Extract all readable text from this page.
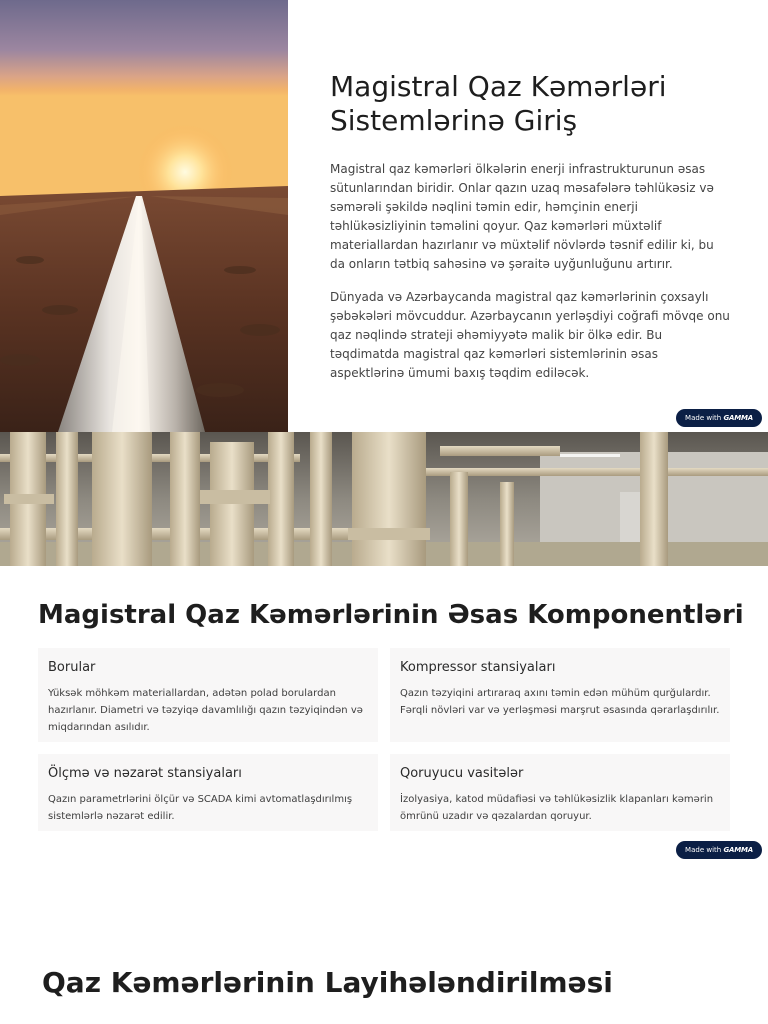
Magistral Qaz Kəmərləri Sistemlərinə Giriş

Magistral qaz kəmərləri ölkələrin enerji infrastrukturunun əsas sütunlarından biridir. Onlar qazın uzaq məsafələrə təhlükəsiz və səmərəli şəkildə nəqlini təmin edir, həmçinin enerji təhlükəsizliyinin təməlini qoyur. Qaz kəmərləri müxtəlif materiallardan hazırlanır və müxtəlif növlərdə təsnif edilir ki, bu da onların tətbiq sahəsinə və şəraitə uyğunluğunu artırır.

Dünyada və Azərbaycanda magistral qaz kəmərlərinin çoxsaylı şəbəkələri mövcuddur. Azərbaycanın yerləşdiyi coğrafi mövqe onu qaz nəqlində strateji əhəmiyyətə malik bir ölkə edir. Bu təqdimatda magistral qaz kəmərləri sistemlərinin əsas aspektlərinə ümumi baxış təqdim ediləcək.

Made with GAMMA
Magistral Qaz Kəmərlərinin Əsas Komponentləri
Borular
Yüksək möhkəm materiallardan, adətən polad borulardan hazırlanır. Diametri və təzyiqə davamlılığı qazın təzyiqindən və miqdarından asılıdır.
Kompressor stansiyaları
Qazın təzyiqini artıraraq axını təmin edən mühüm qurğulardır. Fərqli növləri var və yerləşməsi marşrut əsasında qərarlaşdırılır.
Ölçmə və nəzarət stansiyaları
Qazın parametrlərini ölçür və SCADA kimi avtomatlaşdırılmış sistemlərlə nəzarət edilir.
Qoruyucu vasitələr
İzolyasiya, katod müdafiəsi və təhlükəsizlik klapanları kəmərin ömrünü uzadır və qəzalardan qoruyur.
Made with GAMMA
Qaz Kəmərlərinin Layihələndirilməsi
